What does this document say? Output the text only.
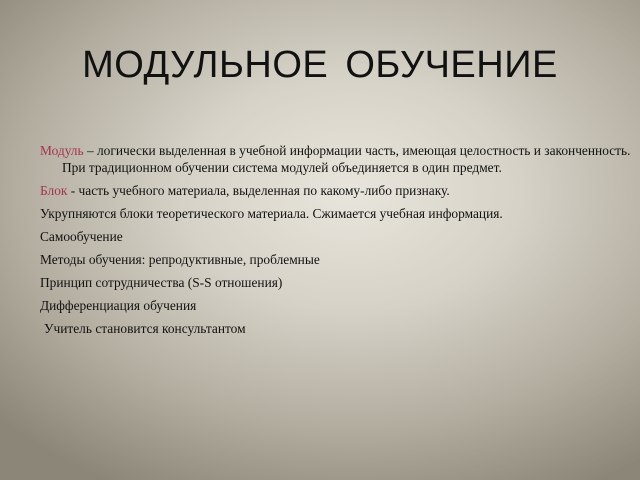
МОДУЛЬНОЕ ОБУЧЕНИЕ

Модуль – логически выделенная в учебной информации часть, имеющая целостность и законченность. При традиционном обучении система модулей объединяется в один предмет.

Блок - часть учебного материала, выделенная по какому-либо признаку.

Укрупняются блоки теоретического материала. Сжимается учебная информация.

Самообучение

Методы обучения: репродуктивные, проблемные

Принцип сотрудничества (S-S отношения)

Дифференциация обучения

Учитель становится консультантом
